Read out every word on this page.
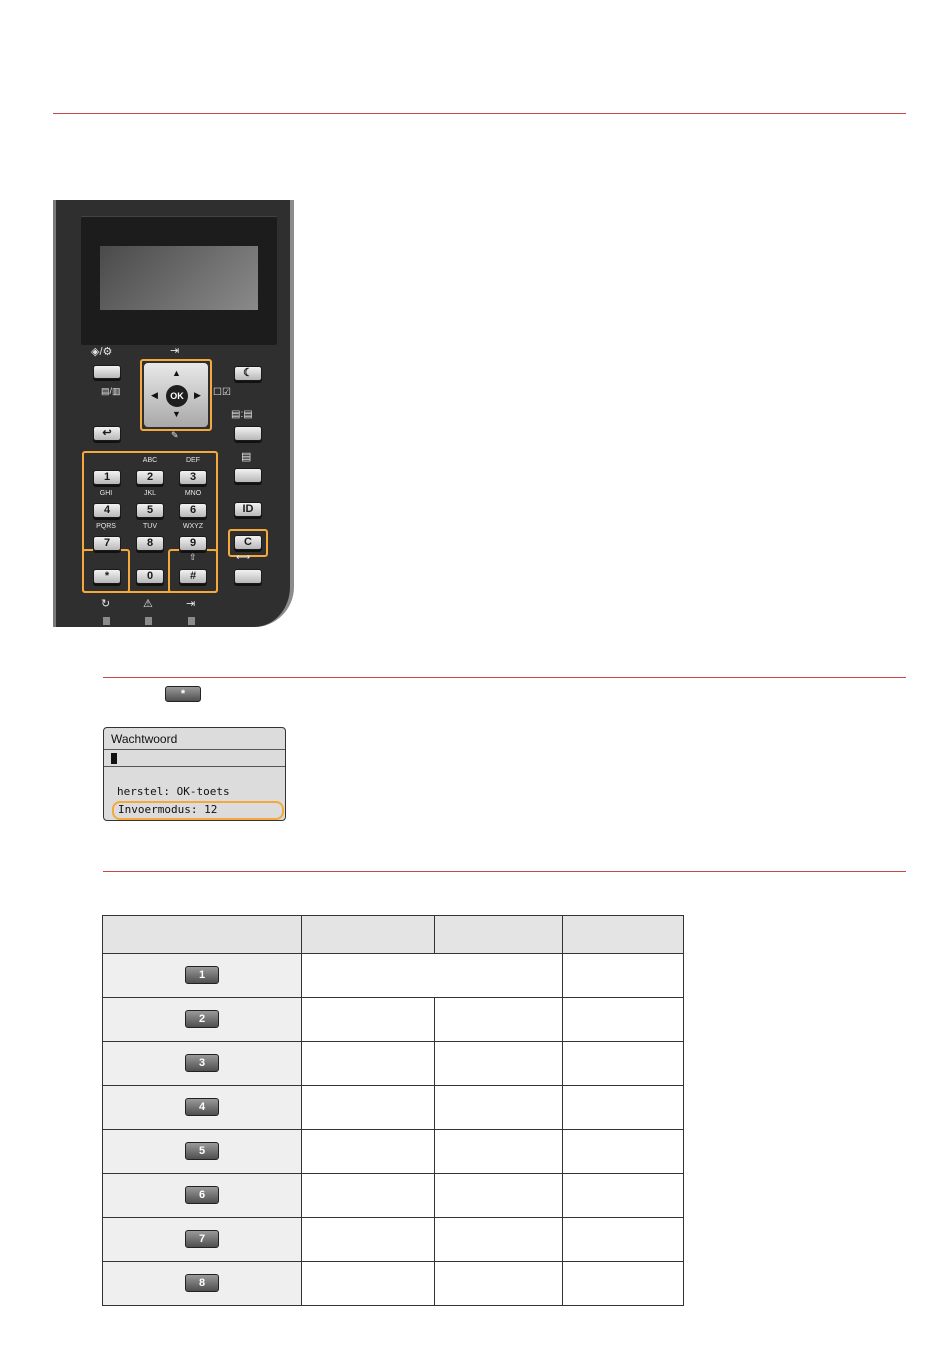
◈/⚙
▤/▥
↩
⇥
▲
▼
◀	▶
OK
✎
☾
☐☑
▤:▤
▤
ID
C
⟷
ABC	DEF
1	2	3
GHI	JKL	MNO
4	5	6
PQRS	TUV	WXYZ
7	8	9
⇧
*	0	#
↻	⚠	⇥
*
Wachtwoord
herstel: OK-toets
Invoermodus: 12

1			
2			
3			
4			
5			
6			
7			
8			
